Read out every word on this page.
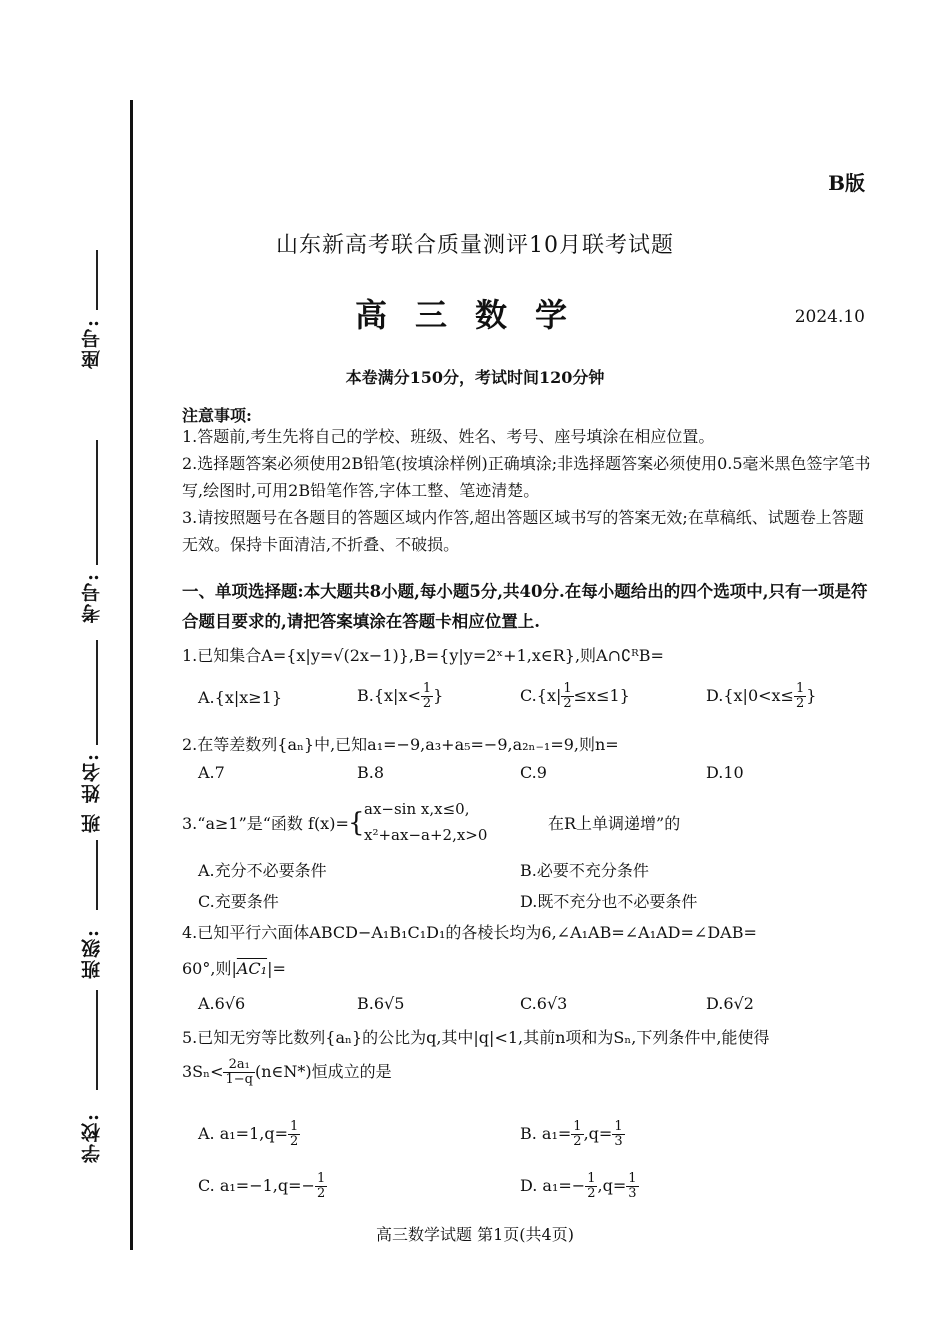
座号:
考号:
姓名:
班
班级:
学校:
B版
山东新高考联合质量测评10月联考试题
高三数学	2024.10
本卷满分150分，考试时间120分钟
注意事项:
1.答题前,考生先将自己的学校、班级、姓名、考号、座号填涂在相应位置。
2.选择题答案必须使用2B铅笔(按填涂样例)正确填涂;非选择题答案必须使用0.5毫米黑色签字笔书写,绘图时,可用2B铅笔作答,字体工整、笔迹清楚。
3.请按照题号在各题目的答题区域内作答,超出答题区域书写的答案无效;在草稿纸、试题卷上答题无效。保持卡面清洁,不折叠、不破损。
一、单项选择题:本大题共8小题,每小题5分,共40分.在每小题给出的四个选项中,只有一项是符合题目要求的,请把答案填涂在答题卡相应位置上.
1.已知集合A={x|y=√(2x−1)},B={y|y=2ˣ+1,x∈R},则A∩∁ᴿB=
A.{x|x≥1}	$B.\{x|x< \frac{1}{2}$ }	$C.\{x| \frac{1}{2} \le x\le 1\}$	$D.\{x|0<x\le \frac{1}{2}$ }
2.在等差数列{aₙ}中,已知a₁=−9,a₃+a₅=−9,a₂ₙ₋₁=9,则n=
A.7	B.8	C.9	D.10
3.“a≥1”是“函数 f(x)= { ax−sin x,x≤0,
x²+ax−a+2,x>0
在R上单调递增”的
A.充分不必要条件	B.必要不充分条件
C.充要条件	D.既不充分也不必要条件
4.已知平行六面体ABCD−A₁B₁C₁D₁的各棱长均为6,∠A₁AB=∠A₁AD=∠DAB=
60°,则|AC₁|=
A.6√6	B.6√5	C.6√3	D.6√2
5.已知无穷等比数列{aₙ}的公比为q,其中|q|<1,其前n项和为Sₙ,下列条件中,能使得
$3S_n< \frac{\text{2a₁}}{1-q}$ (n∈N*)恒成立的是
A. $a_1=1,q= \frac{1}{2}$	B. $a_1= \frac{1}{2} ,q= \frac{1}{3}$
C. $a_1=-1,q=- \frac{1}{2}$	D. $a_1=- \frac{1}{2} ,q= \frac{1}{3}$
高三数学试题 第1页(共4页)
